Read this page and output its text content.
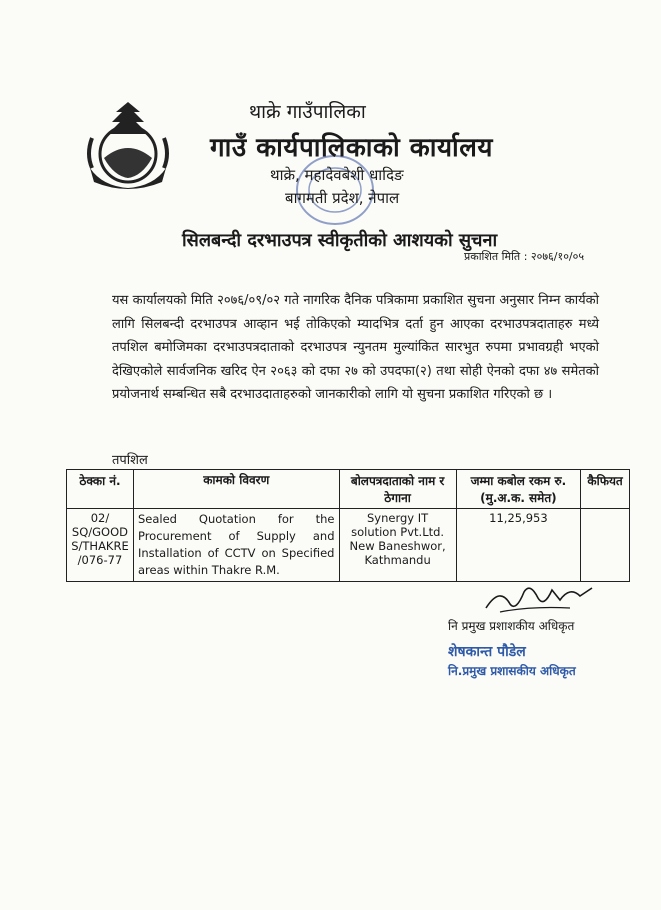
थाक्रे गाउँपालिका
गाउँ कार्यपालिकाको कार्यालय
थाक्रे, महादेवबेशी धादिङ
बागमती प्रदेश, नेपाल
सिलबन्दी दरभाउपत्र स्वीकृतीको आशयको सुचना
प्रकाशित मिति : २०७६/१०/०५
यस कार्यालयको मिति २०७६/०९/०२ गते नागरिक दैनिक पत्रिकामा प्रकाशित सुचना अनुसार निम्न कार्यको लागि सिलबन्दी दरभाउपत्र आव्हान भई तोकिएको म्यादभित्र दर्ता हुन आएका दरभाउपत्रदाताहरु मध्ये तपशिल बमोजिमका दरभाउपत्रदाताको दरभाउपत्र न्युनतम मुल्यांकित सारभुत रुपमा प्रभावग्रही भएको देखिएकोले सार्वजनिक खरिद ऐन २०६३ को दफा २७ को उपदफा(२) तथा सोही ऐनको दफा ४७ समेतको प्रयोजनार्थ सम्बन्धित सबै दरभाउदाताहरुको जानकारीको लागि यो सुचना प्रकाशित गरिएको छ ।
तपशिल
ठेक्का नं.	कामको विवरण	बोलपत्रदाताको नाम र ठेगाना	जम्मा कबोल रकम रु.(मु.अ.क. समेत)	कैफियत
02/ SQ/GOOD S/THAKRE /076-77	Sealed Quotation for the Procurement of Supply and Installation of CCTV on Specified areas within Thakre R.M.	Synergy IT solution Pvt.Ltd. New Baneshwor, Kathmandu	11,25,953	
नि प्रमुख प्रशाशकीय अधिकृत
शेषकान्त पौडेल
नि.प्रमुख प्रशासकीय अधिकृत
